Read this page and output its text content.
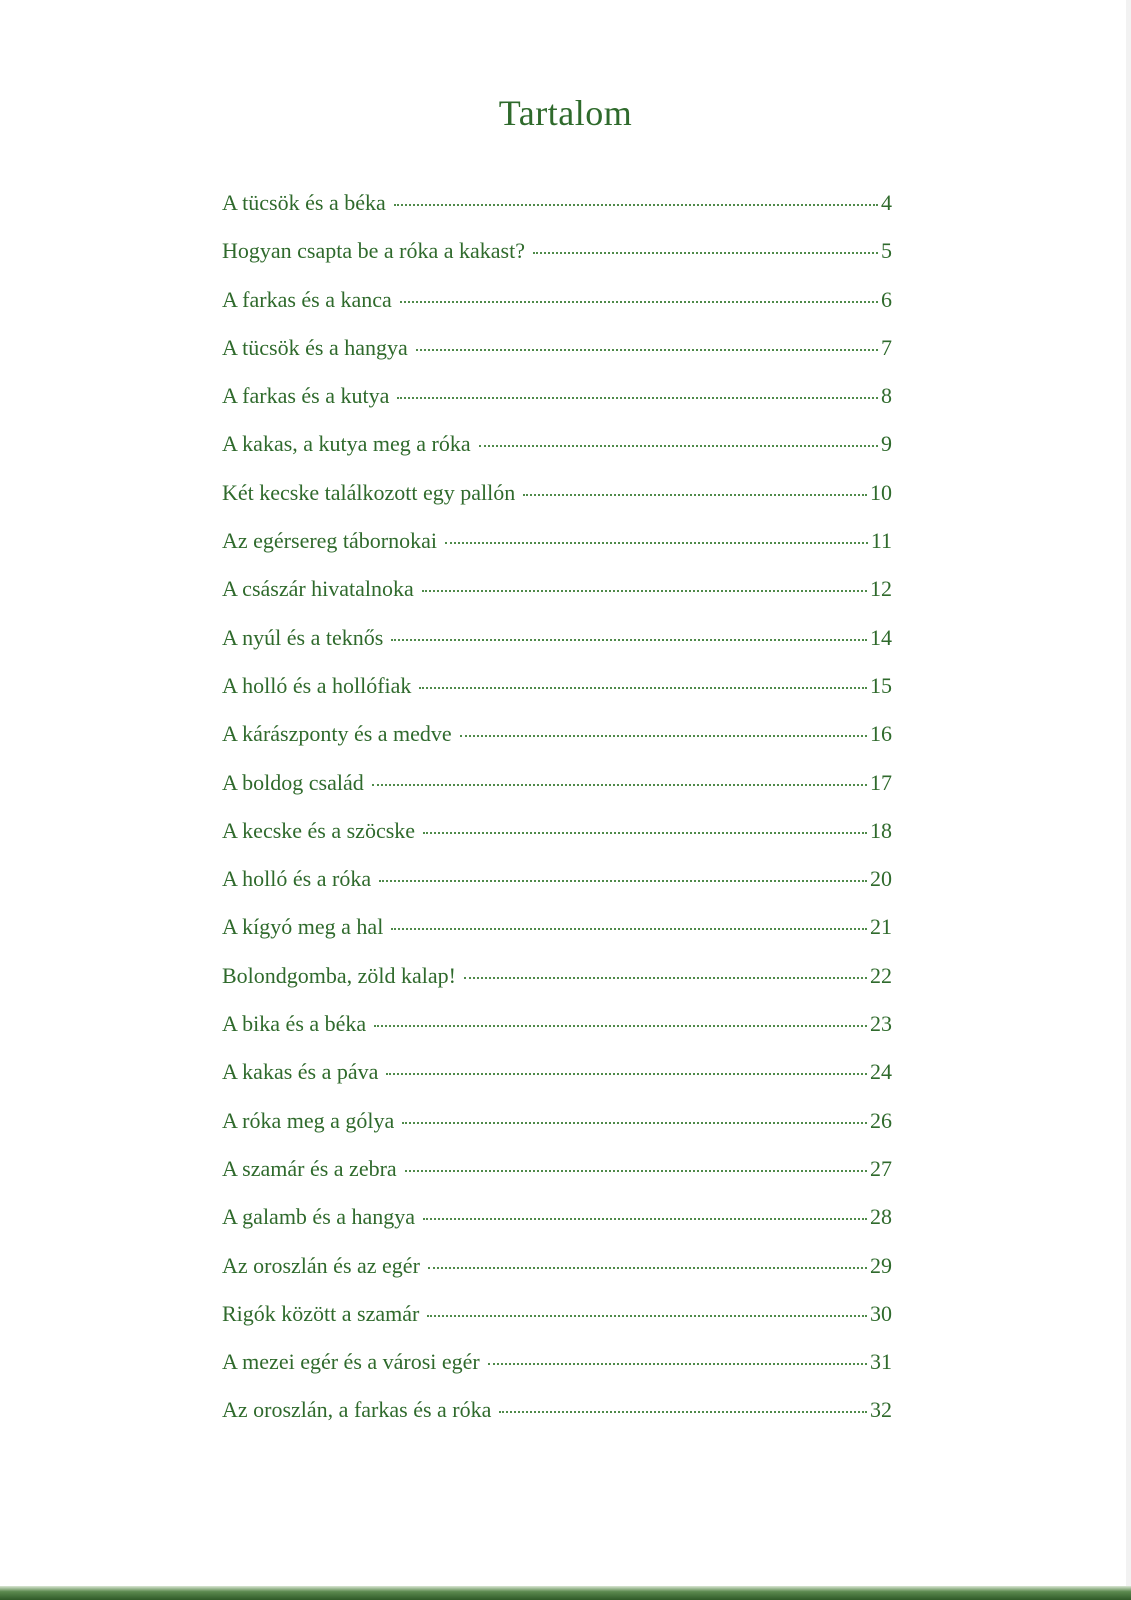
Tartalom
A tücsök és a béka	4
Hogyan csapta be a róka a kakast?	5
A farkas és a kanca	6
A tücsök és a hangya	7
A farkas és a kutya	8
A kakas, a kutya meg a róka	9
Két kecske találkozott egy pallón	10
Az egérsereg tábornokai	11
A császár hivatalnoka	12
A nyúl és a teknős	14
A holló és a hollófiak	15
A kárászponty és a medve	16
A boldog család	17
A kecske és a szöcske	18
A holló és a róka	20
A kígyó meg a hal	21
Bolondgomba, zöld kalap!	22
A bika és a béka	23
A kakas és a páva	24
A róka meg a gólya	26
A szamár és a zebra	27
A galamb és a hangya	28
Az oroszlán és az egér	29
Rigók között a szamár	30
A mezei egér és a városi egér	31
Az oroszlán, a farkas és a róka	32
